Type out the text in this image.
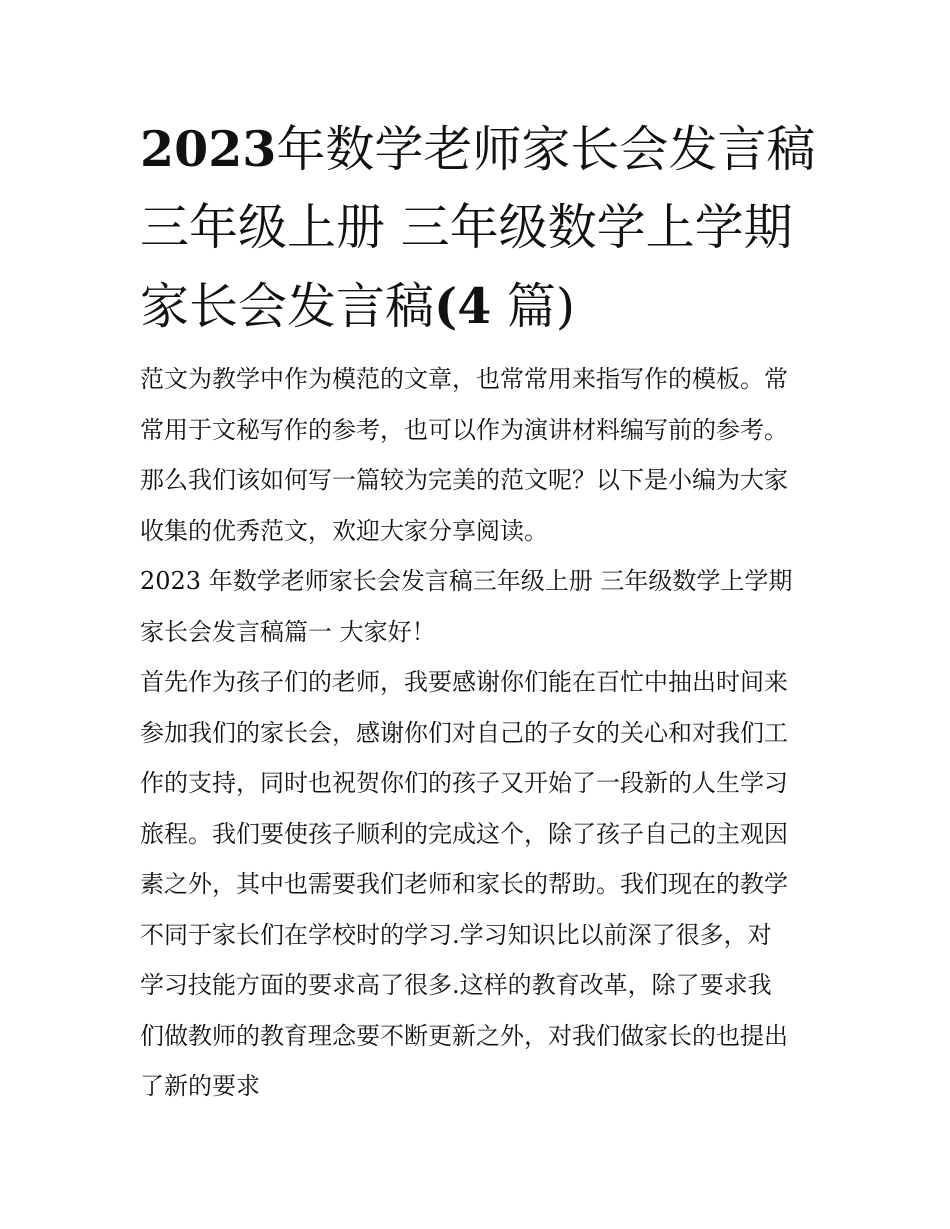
2023年数学老师家长会发言稿
三年级上册 三年级数学上学期
家长会发言稿(4 篇)
范文为教学中作为模范的文章，也常常用来指写作的模板。常
常用于文秘写作的参考，也可以作为演讲材料编写前的参考。
那么我们该如何写一篇较为完美的范文呢？以下是小编为大家
收集的优秀范文，欢迎大家分享阅读。
2023 年数学老师家长会发言稿三年级上册 三年级数学上学期
家长会发言稿篇一 大家好！
首先作为孩子们的老师，我要感谢你们能在百忙中抽出时间来
参加我们的家长会，感谢你们对自己的子女的关心和对我们工
作的支持，同时也祝贺你们的孩子又开始了一段新的人生学习
旅程。我们要使孩子顺利的完成这个，除了孩子自己的主观因
素之外，其中也需要我们老师和家长的帮助。我们现在的教学
不同于家长们在学校时的学习.学习知识比以前深了很多，对
学习技能方面的要求高了很多.这样的教育改革，除了要求我
们做教师的教育理念要不断更新之外，对我们做家长的也提出
了新的要求
